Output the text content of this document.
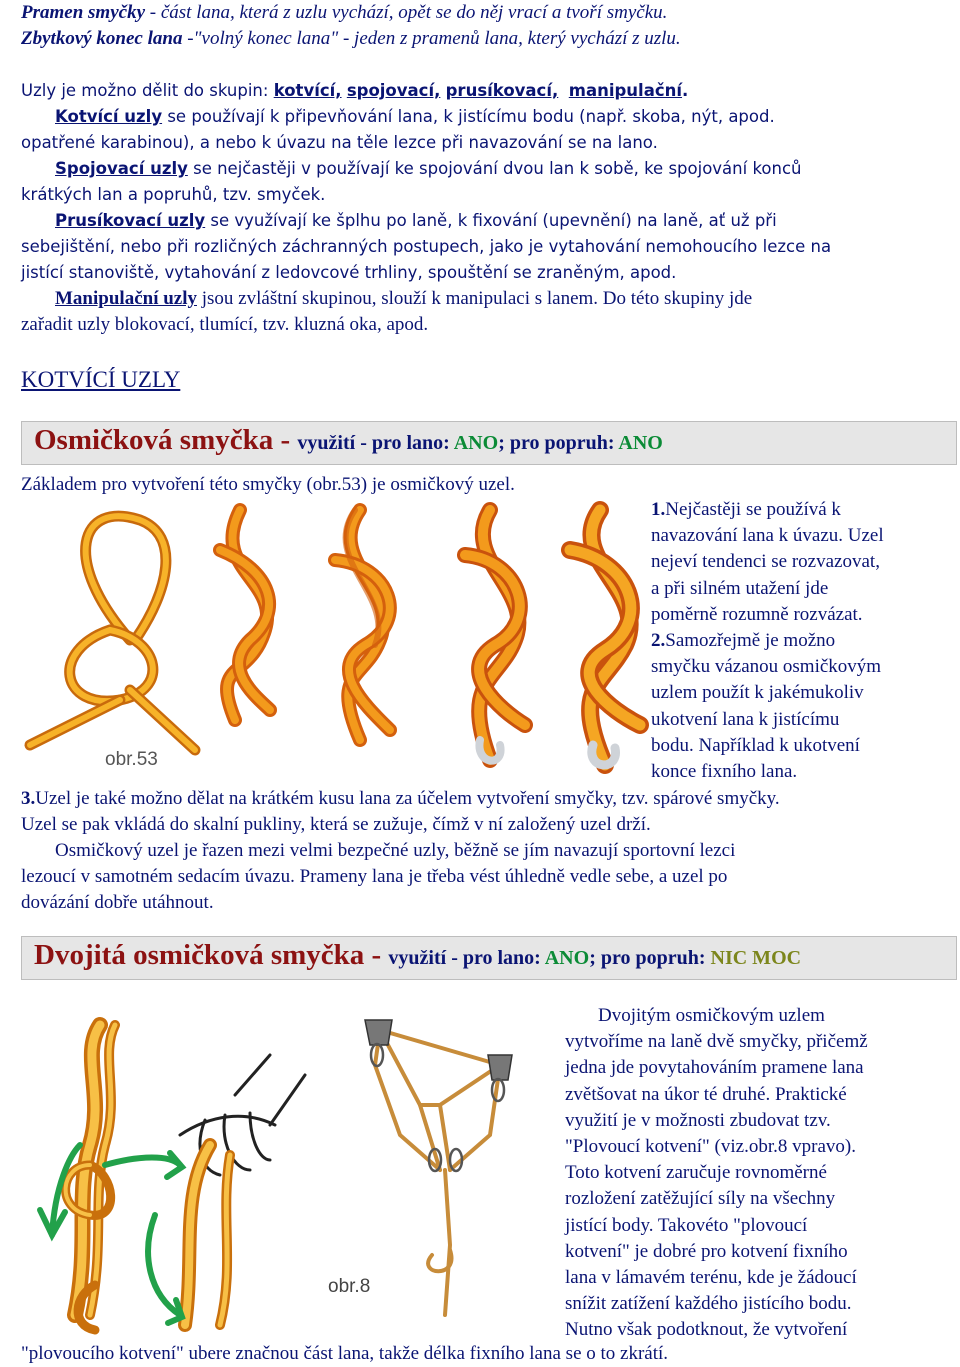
Pramen smyčky - část lana, která z uzlu vychází, opět se do něj vrací a tvoří smyčku.
Zbytkový konec lana -"volný konec lana" - jeden z pramenů lana, který vychází z uzlu.
Uzly je možno dělit do skupin: kotvící, spojovací, prusíkovací, manipulační.
Kotvící uzly se používají k připevňování lana, k jistícímu bodu (např. skoba, nýt, apod.
opatřené karabinou), a nebo k úvazu na těle lezce při navazování se na lano.
Spojovací uzly se nejčastěji v používají ke spojování dvou lan k sobě, ke spojování konců
krátkých lan a popruhů, tzv. smyček.
Prusíkovací uzly se využívají ke šplhu po laně, k fixování (upevnění) na laně, ať už při
sebejištění, nebo při rozličných záchranných postupech, jako je vytahování nemohoucího lezce na
jistící stanoviště, vytahování z ledovcové trhliny, spouštění se zraněným, apod.
Manipulační uzly jsou zvláštní skupinou, slouží k manipulaci s lanem. Do této skupiny jde
zařadit uzly blokovací, tlumící, tzv. kluzná oka, apod.
KOTVÍCÍ UZLY
Osmičková smyčka - využití - pro lano: ANO; pro popruh: ANO
Základem pro vytvoření této smyčky (obr.53) je osmičkový uzel.
obr.53
1.Nejčastěji se používá k
navazování lana k úvazu. Uzel
nejeví tendenci se rozvazovat,
a při silném utažení jde
poměrně rozumně rozvázat.
2.Samozřejmě je možno
smyčku vázanou osmičkovým
uzlem použít k jakémukoliv
ukotvení lana k jistícímu
bodu. Například k ukotvení
konce fixního lana.
3.Uzel je také možno dělat na krátkém kusu lana za účelem vytvoření smyčky, tzv. spárové smyčky.
Uzel se pak vkládá do skalní pukliny, která se zužuje, čímž v ní založený uzel drží.
Osmičkový uzel je řazen mezi velmi bezpečné uzly, běžně se jím navazují sportovní lezci
lezoucí v samotném sedacím úvazu. Prameny lana je třeba vést úhledně vedle sebe, a uzel po
dovázání dobře utáhnout.
Dvojitá osmičková smyčka - využití - pro lano: ANO; pro popruh: NIC MOC
obr.8
Dvojitým osmičkovým uzlem
vytvoříme na laně dvě smyčky, přičemž
jedna jde povytahováním pramene lana
zvětšovat na úkor té druhé. Praktické
využití je v možnosti zbudovat tzv.
"Plovoucí kotvení" (viz.obr.8 vpravo).
Toto kotvení zaručuje rovnoměrné
rozložení zatěžující síly na všechny
jistící body. Takovéto "plovoucí
kotvení" je dobré pro kotvení fixního
lana v lámavém terénu, kde je žádoucí
snížit zatížení každého jistícího bodu.
Nutno však podotknout, že vytvoření
"plovoucího kotvení" ubere značnou část lana, takže délka fixního lana se o to zkrátí.
